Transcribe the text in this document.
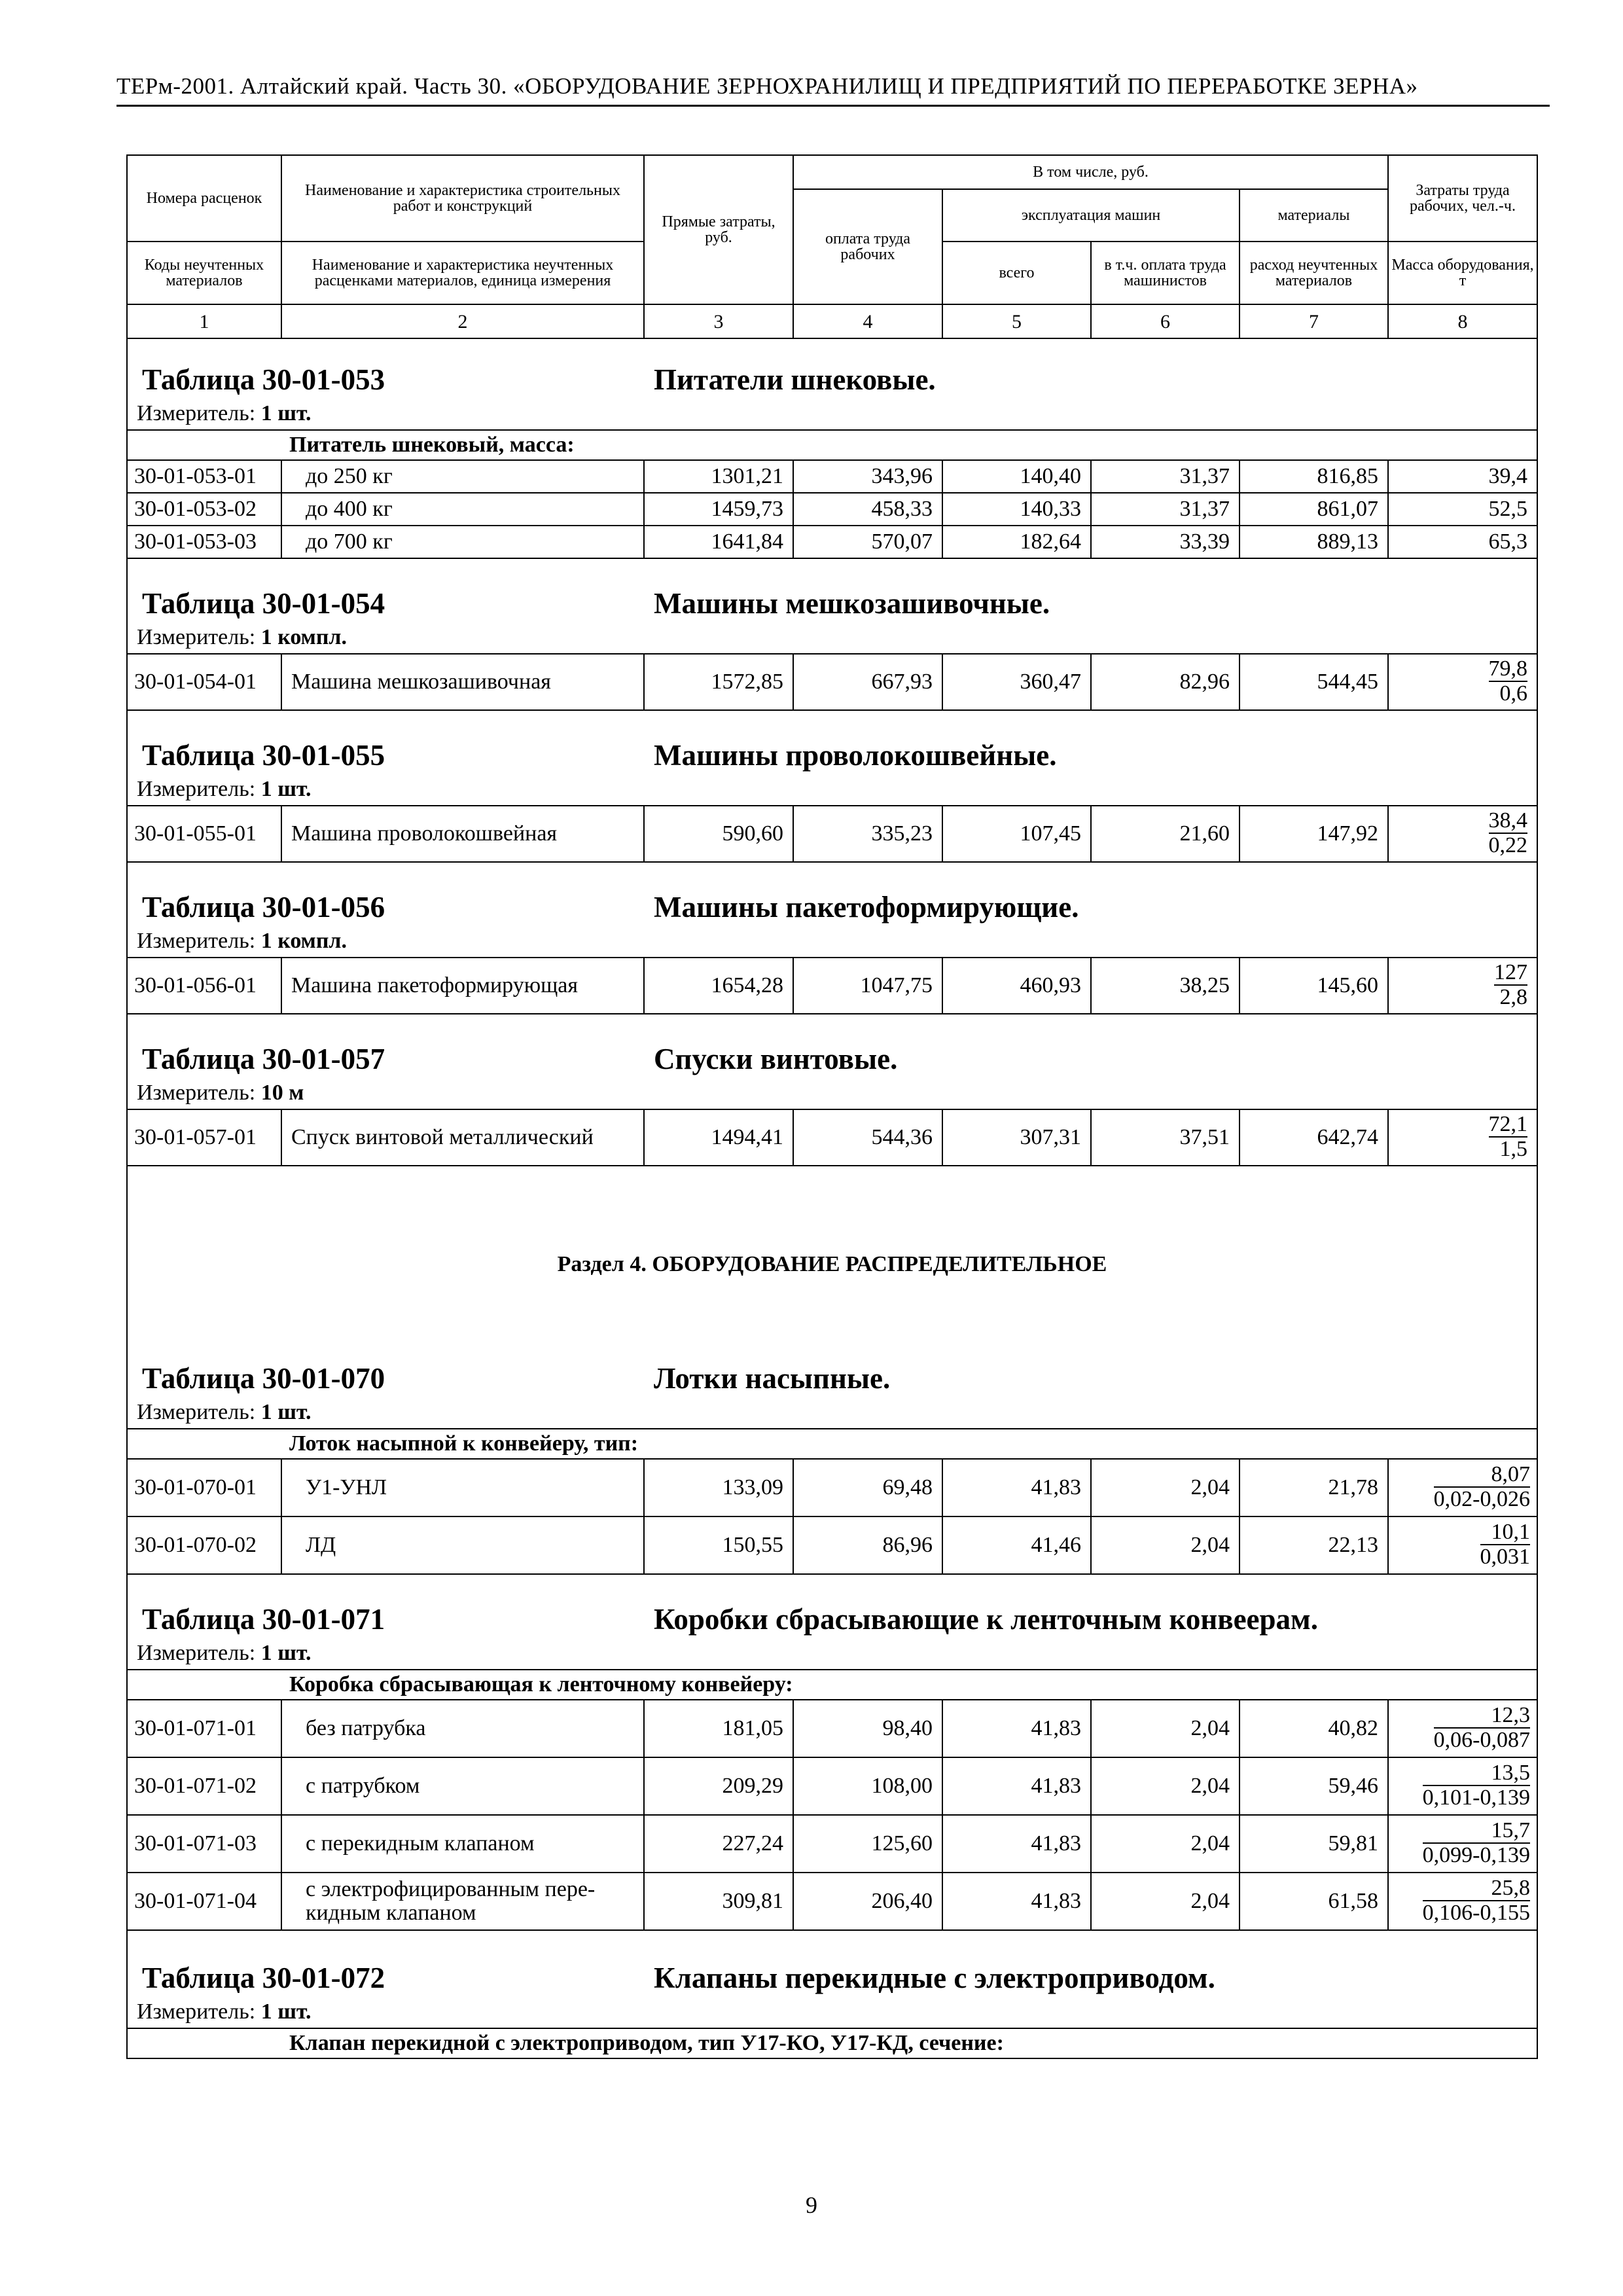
ТЕРм-2001. Алтайский край. Часть 30. «ОБОРУДОВАНИЕ ЗЕРНОХРАНИЛИЩ И ПРЕДПРИЯТИЙ ПО ПЕРЕРАБОТКЕ ЗЕРНА»
Номера расценок	Наименование и характеристика строительных работ и конструкций	Прямые затраты, руб.	В том числе, руб.				Затраты труда рабочих, чел.-ч.
			оплата труда рабочих	эксплуатация машин		материалы	
Коды неучтенных материалов	Наименование и характеристика неучтенных расценками материалов, единица измерения			всего	в т.ч. оплата труда машинистов	расход неучтенных материалов	Масса оборудования, т
1	2	3	4	5	6	7	8
Таблица 30-01-053 Питатели шнековые.							
Измеритель: 1 шт.							
	Питатель шнековый, масса:						
30-01-053-01	до 250 кг	1301,21	343,96	140,40	31,37	816,85	39,4
30-01-053-02	до 400 кг	1459,73	458,33	140,33	31,37	861,07	52,5
30-01-053-03	до 700 кг	1641,84	570,07	182,64	33,39	889,13	65,3
Таблица 30-01-054 Машины мешкозашивочные.							
Измеритель: 1 компл.							
30-01-054-01	Машина мешкозашивочная	1572,85	667,93	360,47	82,96	544,45	$\frac{79,8}{0,6}$

Таблица 30-01-055 Машины проволокошвейные.							
Измеритель: 1 шт.							
30-01-055-01	Машина проволокошвейная	590,60	335,23	107,45	21,60	147,92	$\frac{38,4}{0,22}$

Таблица 30-01-056 Машины пакетоформирующие.							
Измеритель: 1 компл.							
30-01-056-01	Машина пакетоформирующая	1654,28	1047,75	460,93	38,25	145,60	$\frac{127}{2,8}$

Таблица 30-01-057 Спуски винтовые.							
Измеритель: 10 м							
30-01-057-01	Спуск винтовой металлический	1494,41	544,36	307,31	37,51	642,74	$\frac{72,1}{1,5}$

Раздел 4. ОБОРУДОВАНИЕ РАСПРЕДЕЛИТЕЛЬНОЕ							
Таблица 30-01-070 Лотки насыпные.							
Измеритель: 1 шт.							
	Лоток насыпной к конвейеру, тип:						
30-01-070-01	У1-УНЛ	133,09	69,48	41,83	2,04	21,78	$\frac{8,07}{0,02-0,026}$

30-01-070-02	ЛД	150,55	86,96	41,46	2,04	22,13	$\frac{10,1}{0,031}$

Таблица 30-01-071 Коробки сбрасывающие к ленточным конвеерам.							
Измеритель: 1 шт.							
	Коробка сбрасывающая к ленточному конвейеру:						
30-01-071-01	без патрубка	181,05	98,40	41,83	2,04	40,82	$\frac{12,3}{0,06-0,087}$

30-01-071-02	с патрубком	209,29	108,00	41,83	2,04	59,46	$\frac{13,5}{0,101-0,139}$

30-01-071-03	с перекидным клапаном	227,24	125,60	41,83	2,04	59,81	$\frac{15,7}{0,099-0,139}$

30-01-071-04	с электрофицированным пере-кидным клапаном	309,81	206,40	41,83	2,04	61,58	$\frac{25,8}{0,106-0,155}$

Таблица 30-01-072 Клапаны перекидные с электроприводом.							
Измеритель: 1 шт.							
	Клапан перекидной с электроприводом, тип У17-КО, У17-КД, сечение:						
9
